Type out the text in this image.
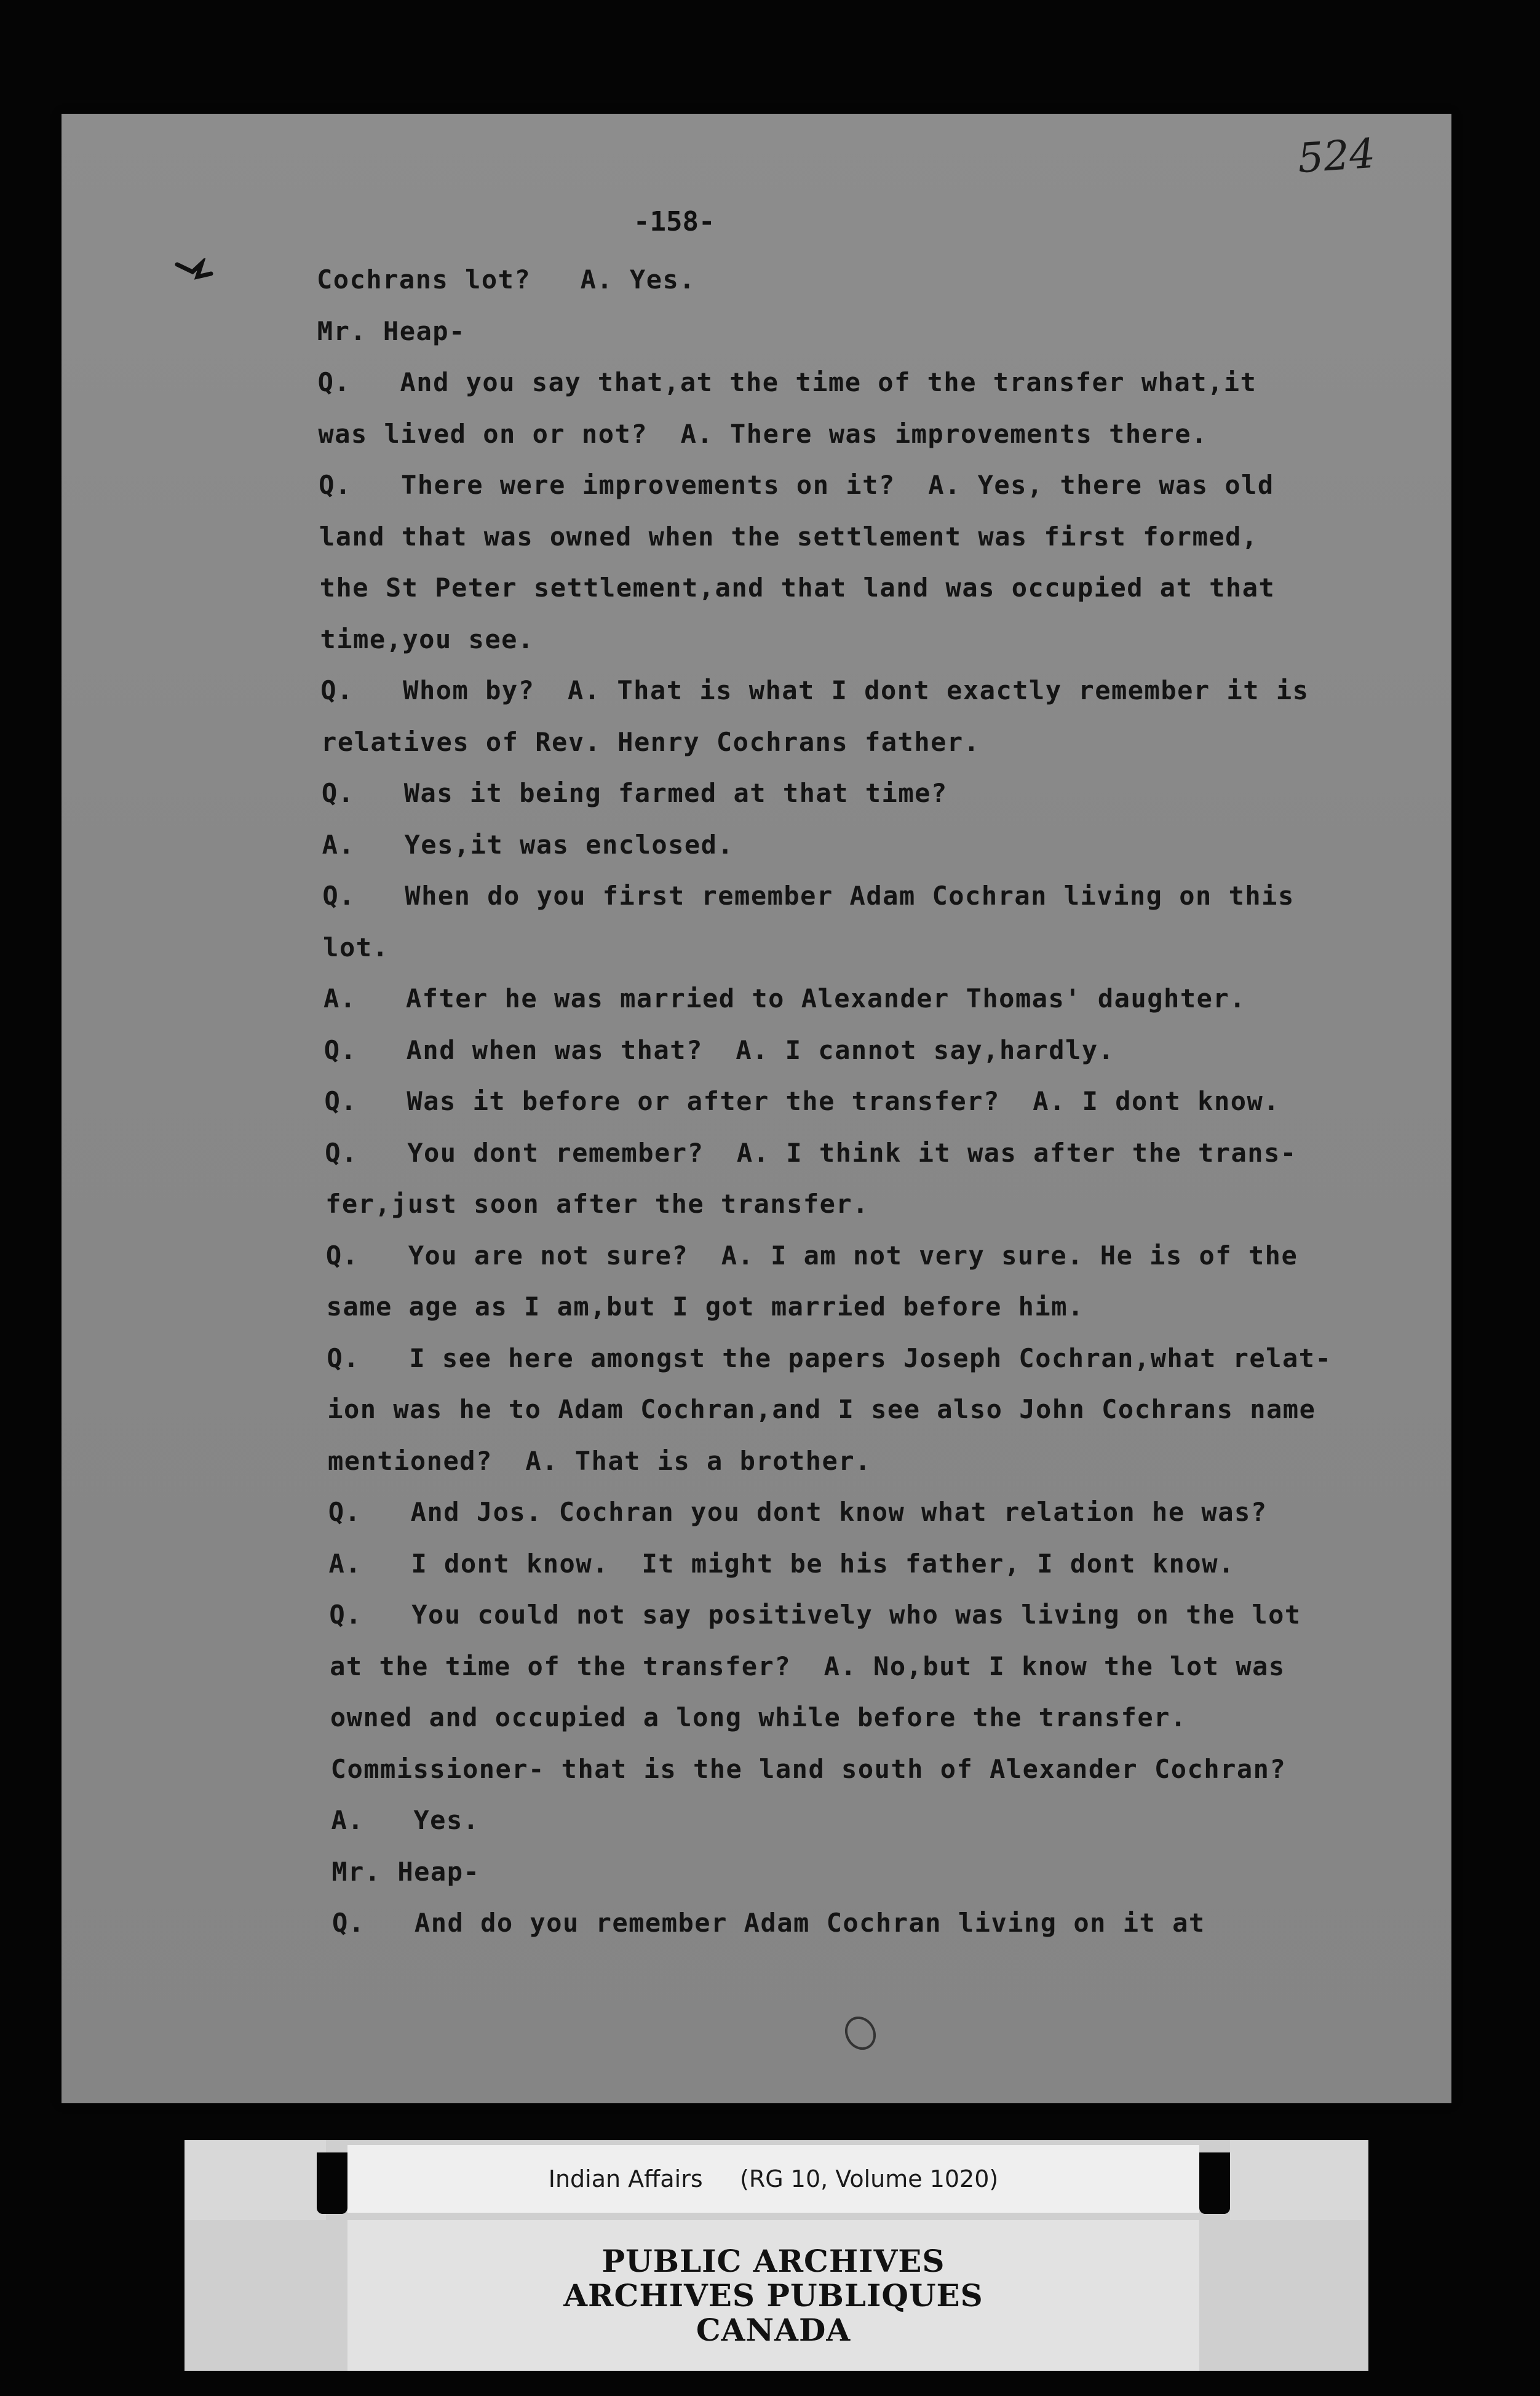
524
-158-
Cochrans lot?   A. Yes.
Mr. Heap-
Q.   And you say that,at the time of the transfer what,it
was lived on or not?  A. There was improvements there.
Q.   There were improvements on it?  A. Yes, there was old
land that was owned when the settlement was first formed,
the St Peter settlement,and that land was occupied at that
time,you see.
Q.   Whom by?  A. That is what I dont exactly remember it is
relatives of Rev. Henry Cochrans father.
Q.   Was it being farmed at that time?
A.   Yes,it was enclosed.
Q.   When do you first remember Adam Cochran living on this
lot.
A.   After he was married to Alexander Thomas' daughter.
Q.   And when was that?  A. I cannot say,hardly.
Q.   Was it before or after the transfer?  A. I dont know.
Q.   You dont remember?  A. I think it was after the trans-
fer,just soon after the transfer.
Q.   You are not sure?  A. I am not very sure. He is of the
same age as I am,but I got married before him.
Q.   I see here amongst the papers Joseph Cochran,what relat-
ion was he to Adam Cochran,and I see also John Cochrans name
mentioned?  A. That is a brother.
Q.   And Jos. Cochran you dont know what relation he was?
A.   I dont know.  It might be his father, I dont know.
Q.   You could not say positively who was living on the lot
at the time of the transfer?  A. No,but I know the lot was
owned and occupied a long while before the transfer.
Commissioner- that is the land south of Alexander Cochran?
A.   Yes.
Mr. Heap-
Q.   And do you remember Adam Cochran living on it at
Indian Affairs     (RG 10, Volume 1020)
PUBLIC ARCHIVES
ARCHIVES PUBLIQUES
CANADA
